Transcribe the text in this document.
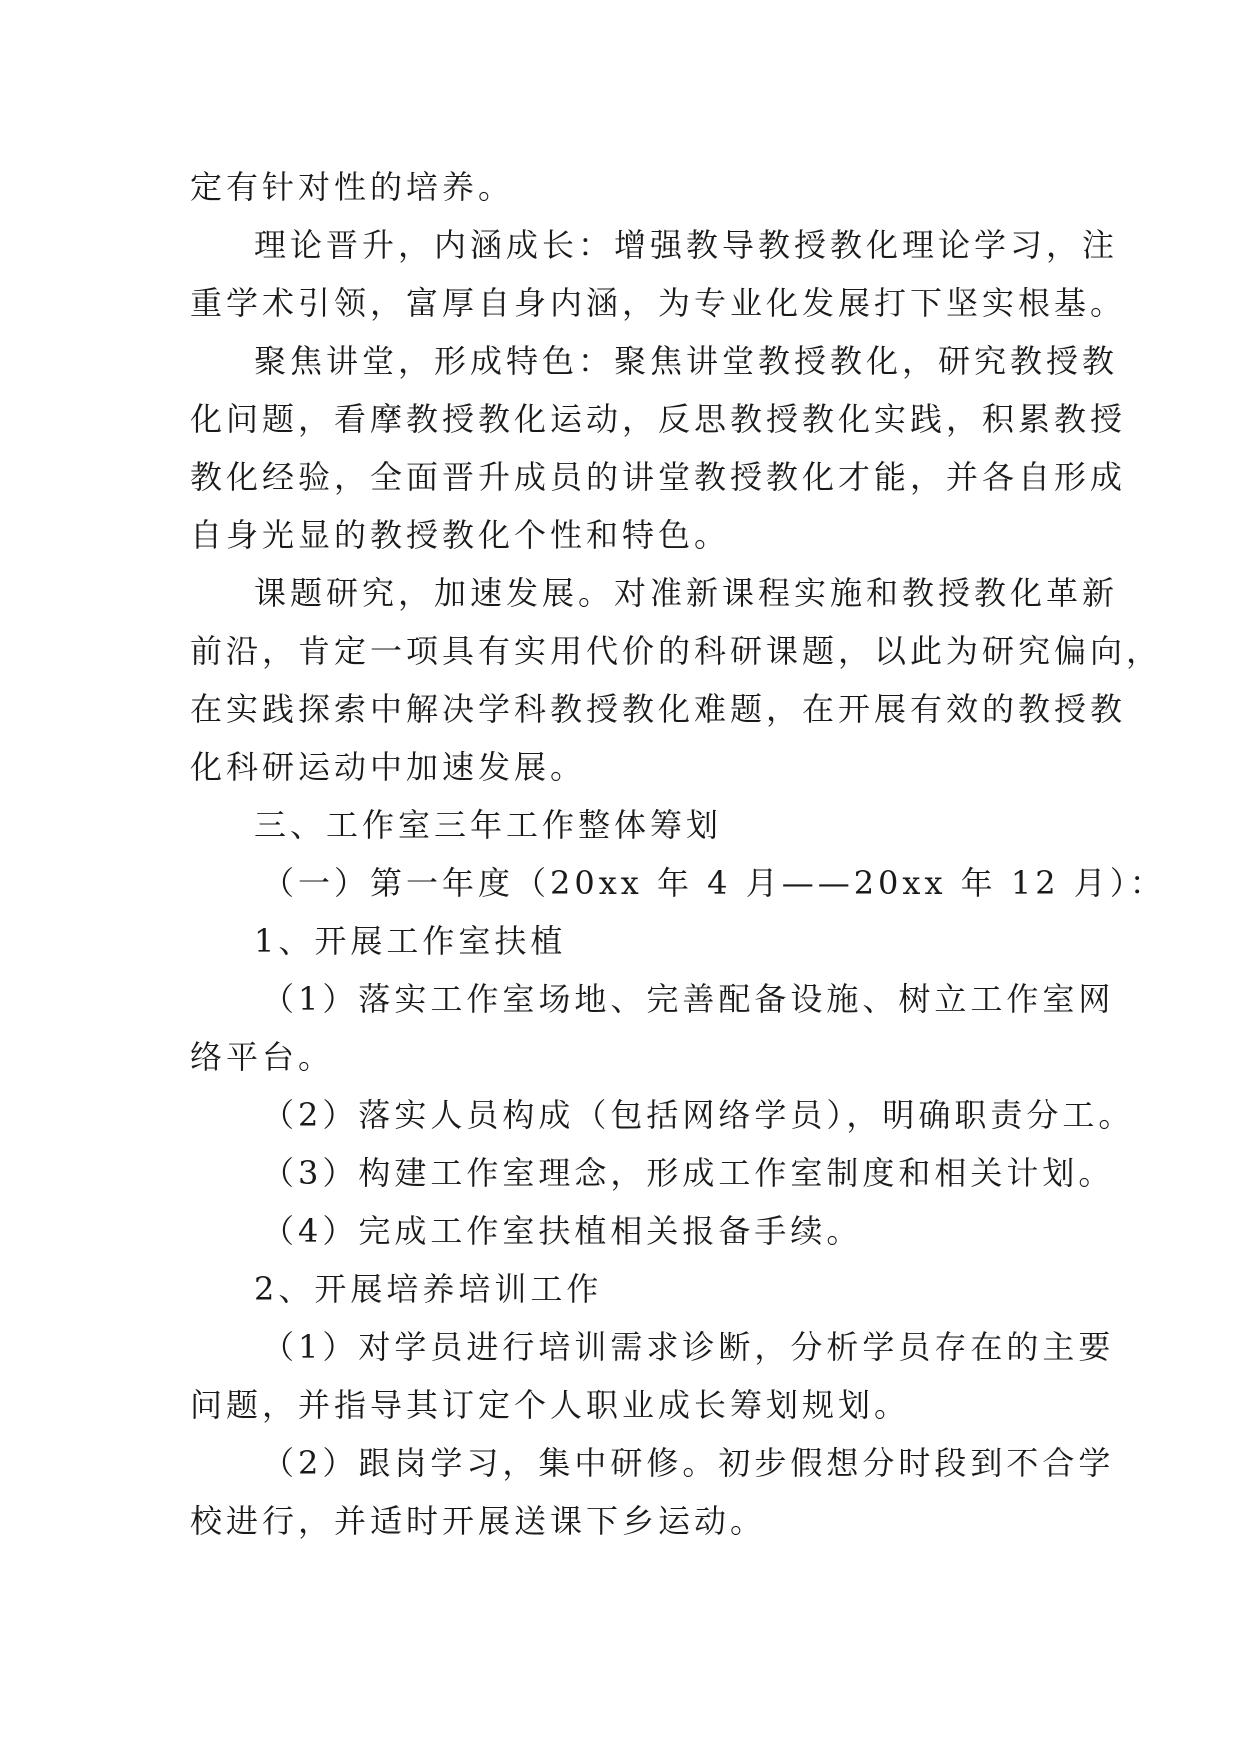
定有针对性的培养。
理论晋升，内涵成长：增强教导教授教化理论学习，注
重学术引领，富厚自身内涵，为专业化发展打下坚实根基。
聚焦讲堂，形成特色：聚焦讲堂教授教化，研究教授教
化问题，看摩教授教化运动，反思教授教化实践，积累教授
教化经验，全面晋升成员的讲堂教授教化才能，并各自形成
自身光显的教授教化个性和特色。
课题研究，加速发展。对准新课程实施和教授教化革新
前沿，肯定一项具有实用代价的科研课题，以此为研究偏向，
在实践探索中解决学科教授教化难题，在开展有效的教授教
化科研运动中加速发展。
三、工作室三年工作整体筹划
（一）第一年度（20xx 年 4 月——20xx 年 12 月）：
1、开展工作室扶植
（1）落实工作室场地、完善配备设施、树立工作室网
络平台。
（2）落实人员构成（包括网络学员），明确职责分工。
（3）构建工作室理念，形成工作室制度和相关计划。
（4）完成工作室扶植相关报备手续。
2、开展培养培训工作
（1）对学员进行培训需求诊断，分析学员存在的主要
问题，并指导其订定个人职业成长筹划规划。
（2）跟岗学习，集中研修。初步假想分时段到不合学
校进行，并适时开展送课下乡运动。
